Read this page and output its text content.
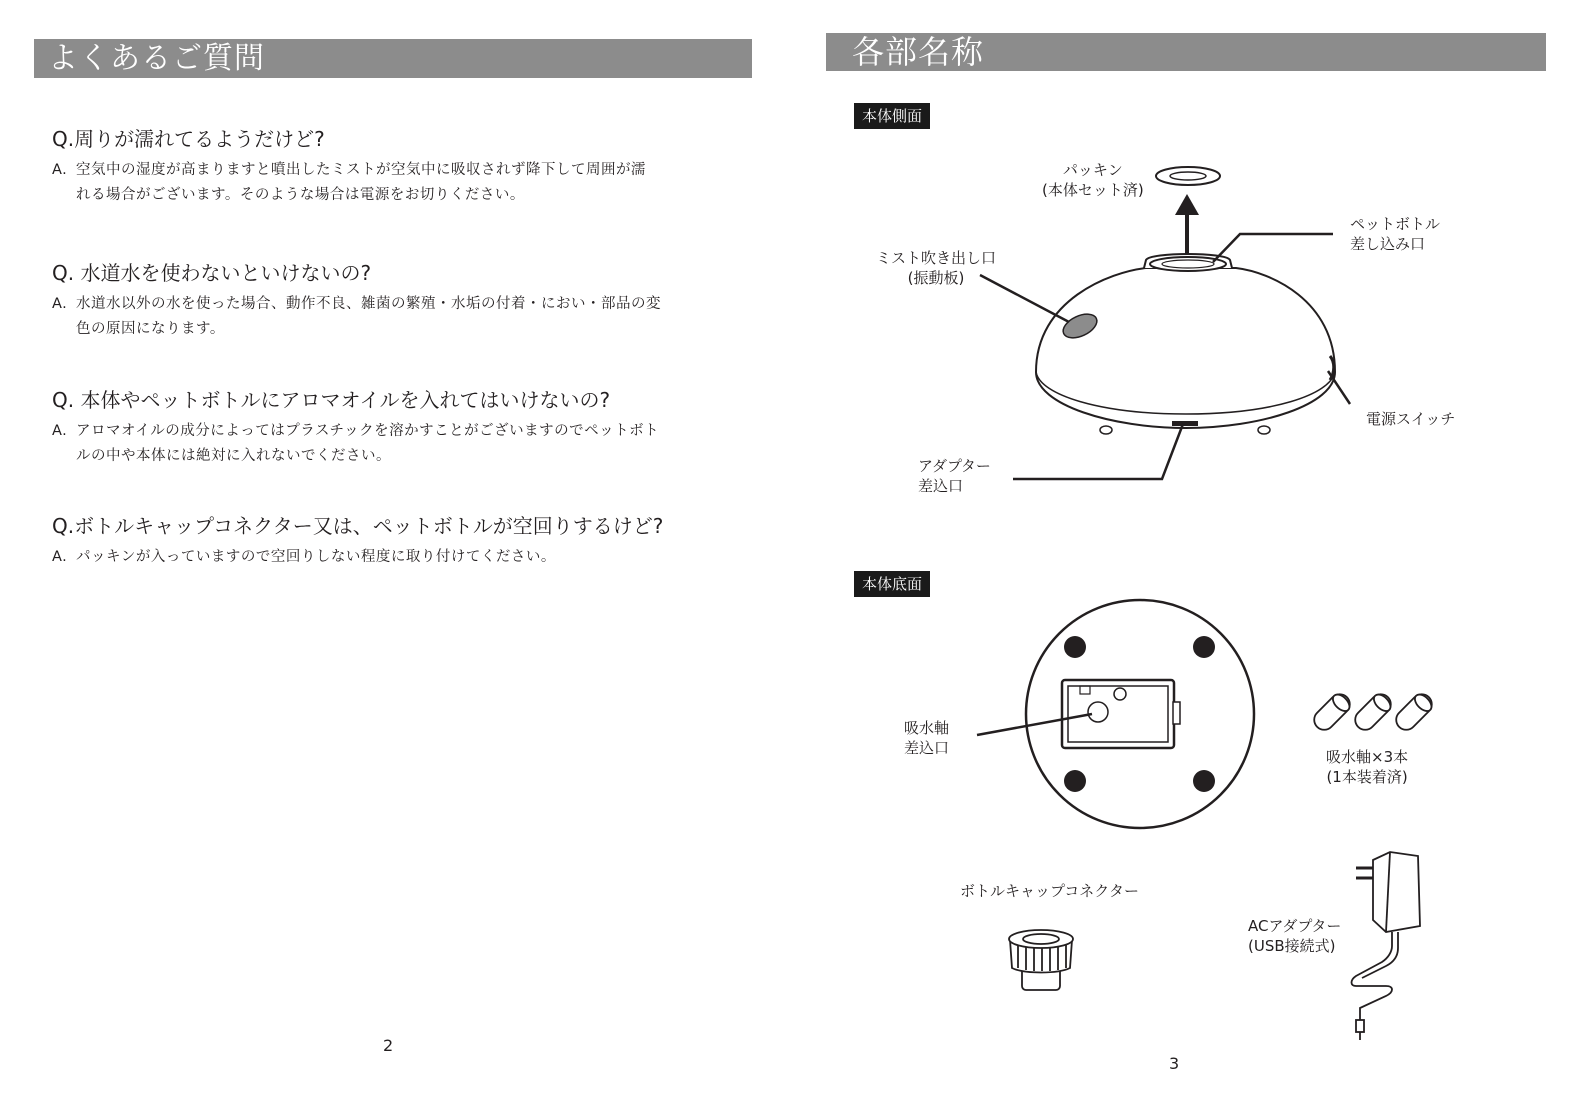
よくあるご質問

Q.周りが濡れてるようだけど?

A. 空気中の湿度が高まりますと噴出したミストが空気中に吸収されず降下して周囲が濡
れる場合がございます。そのような場合は電源をお切りください。

Q. 水道水を使わないといけないの?

A. 水道水以外の水を使った場合、動作不良、雑菌の繁殖・水垢の付着・におい・部品の変
色の原因になります。

Q. 本体やペットボトルにアロマオイルを入れてはいけないの?

A. アロマオイルの成分によってはプラスチックを溶かすことがございますのでペットボト
ルの中や本体には絶対に入れないでください。

Q.ボトルキャップコネクター又は、ペットボトルが空回りするけど?

A. パッキンが入っていますので空回りしない程度に取り付けてください。

2
各部名称
本体側面
本体底面
パッキン
(本体セット済)
ペットボトル
差し込み口
ミスト吹き出し口
(振動板)
電源スイッチ
アダプター
差込口
吸水軸
差込口	吸水軸×3本
(1本装着済)
ボトルキャップコネクター
ACアダプター
(USB接続式)
3
